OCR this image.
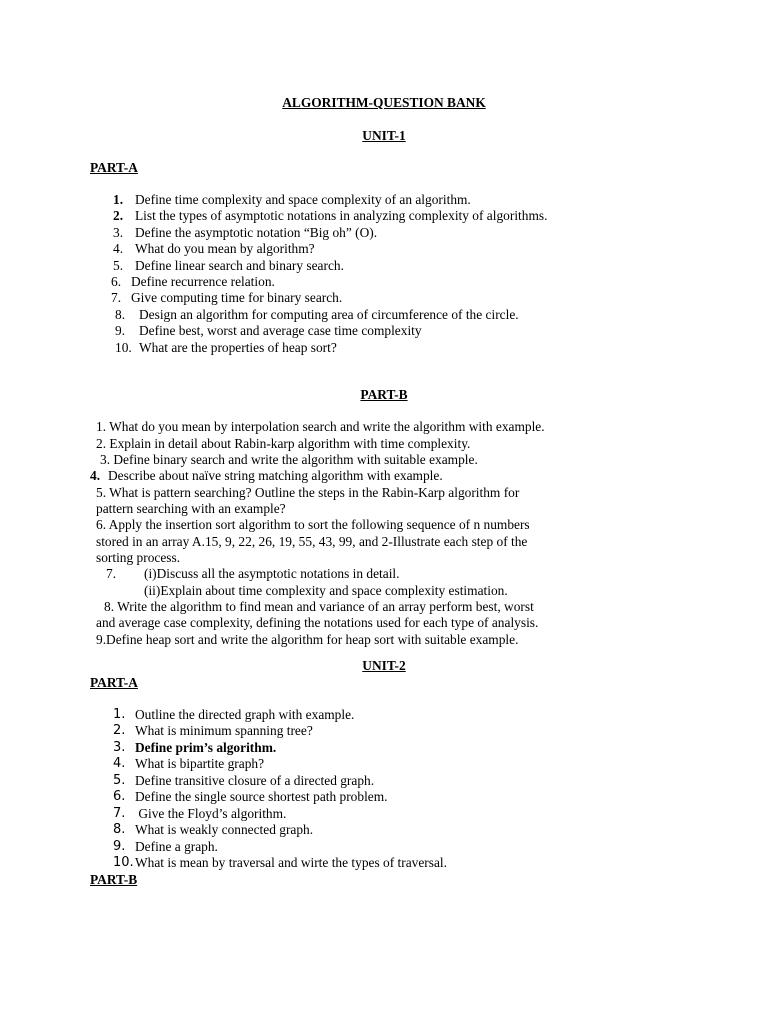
ALGORITHM-QUESTION BANK
UNIT-1
PART-A
1. Define time complexity and space complexity of an algorithm.
2. List the types of asymptotic notations in analyzing complexity of algorithms.
3. Define the asymptotic notation “Big oh” (O).
4. What do you mean by algorithm?
5. Define linear search and binary search.
6. Define recurrence relation.
7. Give computing time for binary search.
8. Design an algorithm for computing area of circumference of the circle.
9. Define best, worst and average case time complexity
10. What are the properties of heap sort?
PART-B
1. What do you mean by interpolation search and write the algorithm with example.
2. Explain in detail about Rabin-karp algorithm with time complexity.
3. Define binary search and write the algorithm with suitable example.
4. Describe about naïve string matching algorithm with example.
5. What is pattern searching? Outline the steps in the Rabin-Karp algorithm for
pattern searching with an example?
6. Apply the insertion sort algorithm to sort the following sequence of n numbers
stored in an array A.15, 9, 22, 26, 19, 55, 43, 99, and 2-Illustrate each step of the
sorting process.
7. (i)Discuss all the asymptotic notations in detail.
(ii)Explain about time complexity and space complexity estimation.
8. Write the algorithm to find mean and variance of an array perform best, worst
and average case complexity, defining the notations used for each type of analysis.
9.Define heap sort and write the algorithm for heap sort with suitable example.
UNIT-2
PART-A
1. Outline the directed graph with example.
2. What is minimum spanning tree?
3. Define prim’s algorithm.
4. What is bipartite graph?
5. Define transitive closure of a directed graph.
6. Define the single source shortest path problem.
7. Give the Floyd’s algorithm.
8. What is weakly connected graph.
9. Define a graph.
10. What is mean by traversal and wirte the types of traversal.
PART-B
